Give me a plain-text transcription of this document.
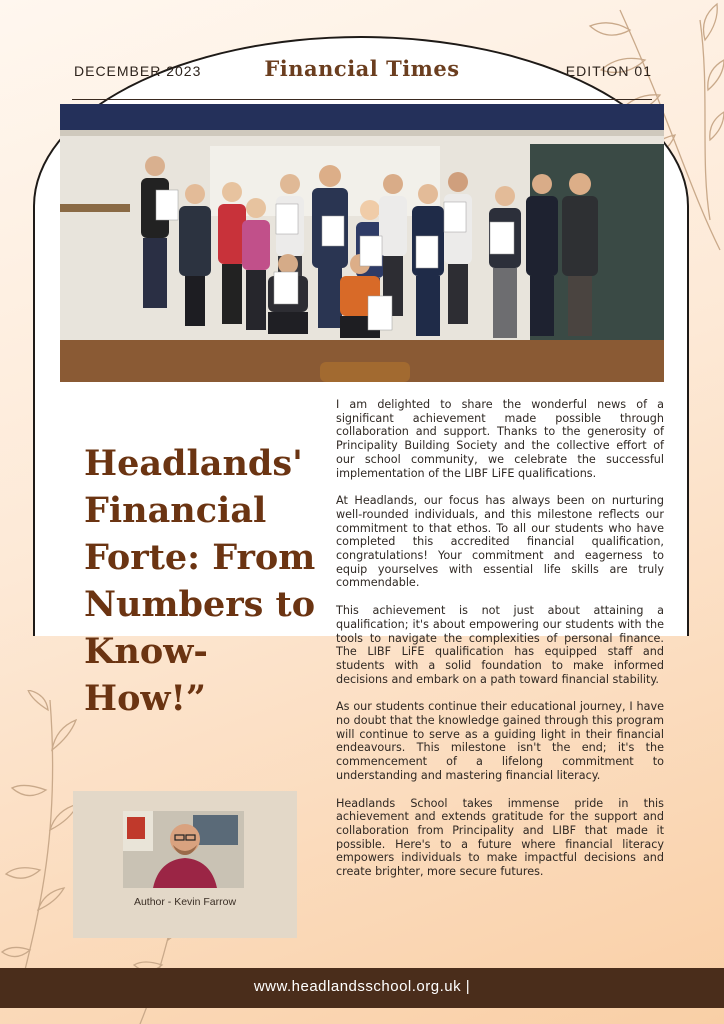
DECEMBER 2023	Financial Times	EDITION 01
Headlands' Financial Forte: From Numbers to Know-How!”

I am delighted to share the wonderful news of a significant achievement made possible through collaboration and support. Thanks to the generosity of Principality Building Society and the collective effort of our school community, we celebrate the successful implementation of the LIBF LiFE qualifications.

At Headlands, our focus has always been on nurturing well-rounded individuals, and this milestone reflects our commitment to that ethos. To all our students who have completed this accredited financial qualification, congratulations! Your commitment and eagerness to equip yourselves with essential life skills are truly commendable.

This achievement is not just about attaining a qualification; it's about empowering our students with the tools to navigate the complexities of personal finance. The LIBF LiFE qualification has equipped staff and students with a solid foundation to make informed decisions and embark on a path toward financial stability.

As our students continue their educational journey, I have no doubt that the knowledge gained through this program will continue to serve as a guiding light in their financial endeavours. This milestone isn't the end; it's the commencement of a lifelong commitment to understanding and mastering financial literacy.

Headlands School takes immense pride in this achievement and extends gratitude for the support and collaboration from Principality and LIBF that made it possible. Here's to a future where financial literacy empowers individuals to make impactful decisions and create brighter, more secure futures.

Author - Kevin Farrow
www.headlandsschool.org.uk |
